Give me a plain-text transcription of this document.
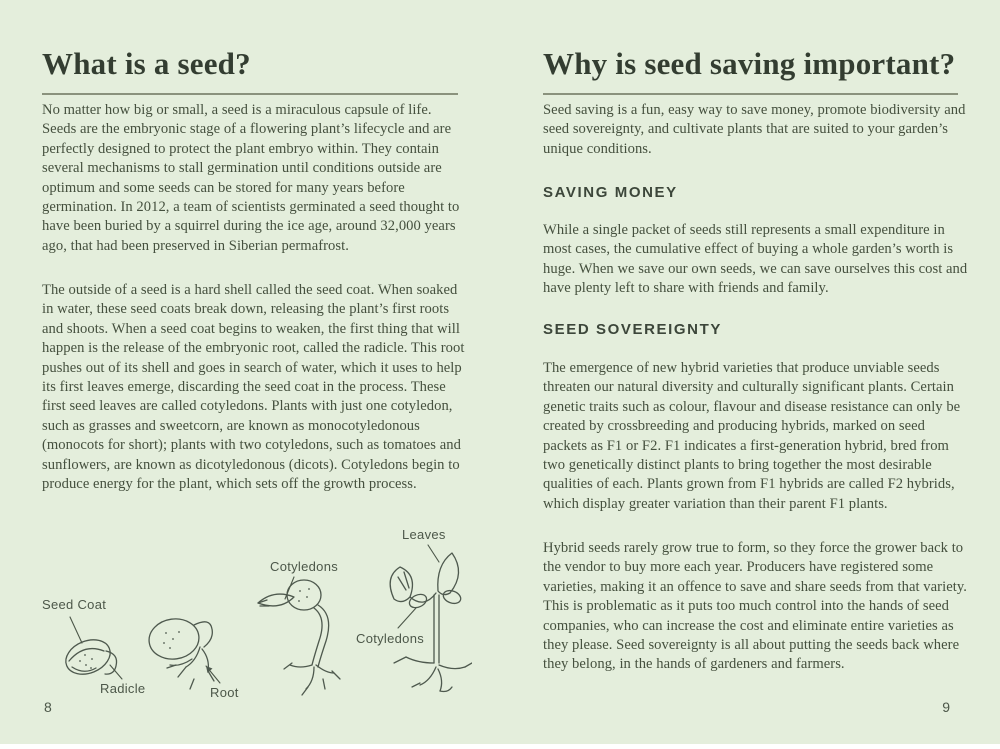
What is a seed?

No matter how big or small, a seed is a miraculous capsule of life. Seeds are the embryonic stage of a flowering plant’s lifecycle and are perfectly designed to protect the plant embryo within. They contain several mechanisms to stall germination until conditions outside are optimum and some seeds can be stored for many years before germination. In 2012, a team of scientists germinated a seed thought to have been buried by a squirrel during the ice age, around 32,000 years ago, that had been preserved in Siberian permafrost.

The outside of a seed is a hard shell called the seed coat. When soaked in water, these seed coats break down, releasing the plant’s first roots and shoots. When a seed coat begins to weaken, the first thing that will happen is the release of the embryonic root, called the radicle. This root pushes out of its shell and goes in search of water, which it uses to help its first leaves emerge, discarding the seed coat in the process. These first seed leaves are called cotyledons. Plants with just one cotyledon, such as grasses and sweetcorn, are known as monocotyledonous (monocots for short); plants with two cotyledons, such as tomatoes and sunflowers, are known as dicotyledonous (dicots). Cotyledons begin to produce energy for the plant, which sets off the growth process.

Seed Coat
Radicle	Root
Cotyledons
Leaves
Cotyledons
8
Why is seed saving important?

Seed saving is a fun, easy way to save money, promote biodiversity and seed sovereignty, and cultivate plants that are suited to your garden’s unique conditions.

SAVING MONEY

While a single packet of seeds still represents a small expenditure in most cases, the cumulative effect of buying a whole garden’s worth is huge. When we save our own seeds, we can save ourselves this cost and have plenty left to share with friends and family.

SEED SOVEREIGNTY

The emergence of new hybrid varieties that produce unviable seeds threaten our natural diversity and culturally significant plants. Certain genetic traits such as colour, flavour and disease resistance can only be created by crossbreeding and producing hybrids, marked on seed packets as F1 or F2. F1 indicates a first-generation hybrid, bred from two genetically distinct plants to bring together the most desirable qualities of each. Plants grown from F1 hybrids are called F2 hybrids, which display greater variation than their parent F1 plants.

Hybrid seeds rarely grow true to form, so they force the grower back to the vendor to buy more each year. Producers have registered some varieties, making it an offence to save and share seeds from that variety. This is problematic as it puts too much control into the hands of seed companies, who can increase the cost and eliminate entire varieties as they please. Seed sovereignty is all about putting the seeds back where they belong, in the hands of gardeners and farmers.

9
